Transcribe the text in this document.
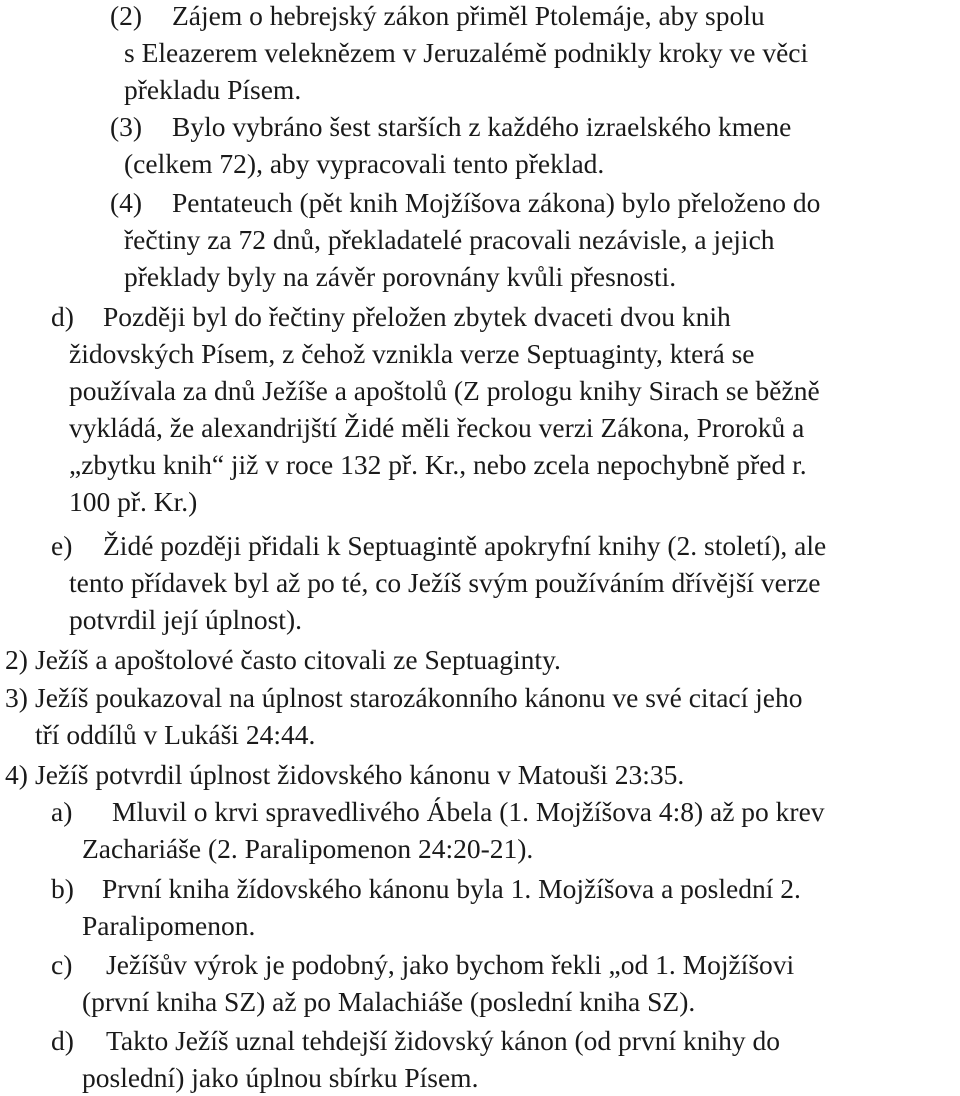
(2) Zájem o hebrejský zákon přiměl Ptolemáje, aby spolu
s Eleazerem veleknězem v Jeruzalémě podnikly kroky ve věci
překladu Písem.
(3) Bylo vybráno šest starších z každého izraelského kmene
(celkem 72), aby vypracovali tento překlad.
(4) Pentateuch (pět knih Mojžíšova zákona) bylo přeloženo do
řečtiny za 72 dnů, překladatelé pracovali nezávisle, a jejich
překlady byly na závěr porovnány kvůli přesnosti.
d) Později byl do řečtiny přeložen zbytek dvaceti dvou knih
židovských Písem, z čehož vznikla verze Septuaginty, která se
používala za dnů Ježíše a apoštolů (Z prologu knihy Sirach se běžně
vykládá, že alexandrijští Židé měli řeckou verzi Zákona, Proroků a
„zbytku knih“ již v roce 132 př. Kr., nebo zcela nepochybně před r.
100 př. Kr.)
e) Židé později přidali k Septuagintě apokryfní knihy (2. století), ale
tento přídavek byl až po té, co Ježíš svým používáním dřívější verze
potvrdil její úplnost).
2) Ježíš a apoštolové často citovali ze Septuaginty.
3) Ježíš poukazoval na úplnost starozákonního kánonu ve své citací jeho
tří oddílů v Lukáši 24:44.
4) Ježíš potvrdil úplnost židovského kánonu v Matouši 23:35.
a) Mluvil o krvi spravedlivého Ábela (1. Mojžíšova 4:8) až po krev
Zachariáše (2. Paralipomenon 24:20-21).
b) První kniha žídovského kánonu byla 1. Mojžíšova a poslední 2.
Paralipomenon.
c) Ježíšův výrok je podobný, jako bychom řekli „od 1. Mojžíšovi
(první kniha SZ) až po Malachiáše (poslední kniha SZ).
d) Takto Ježíš uznal tehdejší židovský kánon (od první knihy do
poslední) jako úplnou sbírku Písem.
